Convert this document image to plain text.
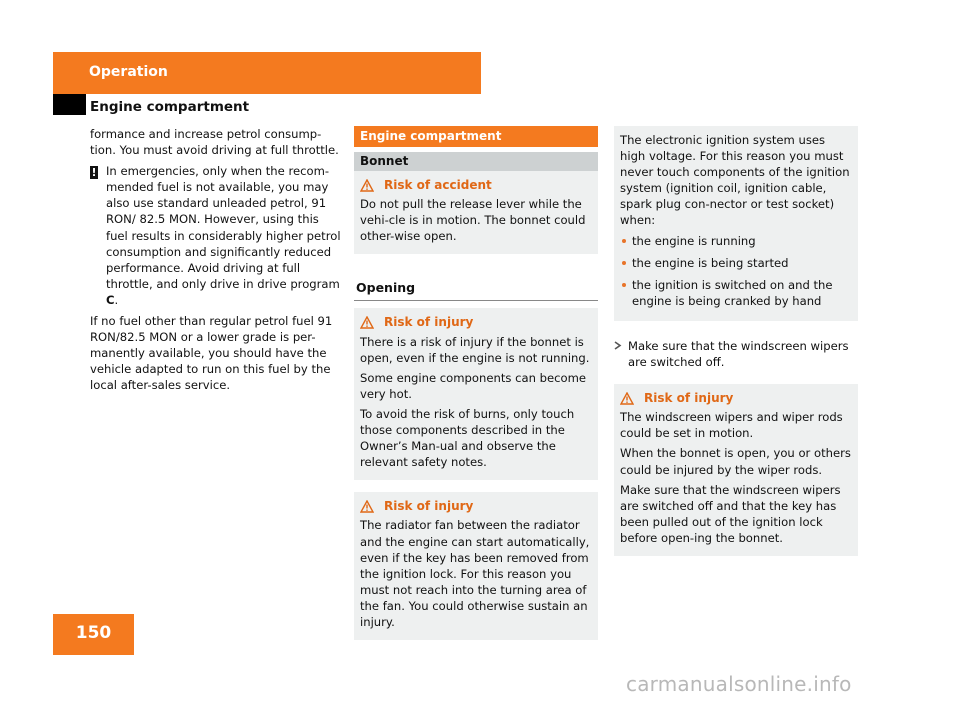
Operation
Engine compartment

formance and increase petrol consump-tion. You must avoid driving at full throttle.

! In emergencies, only when the recom-mended fuel is not available, you may also use standard unleaded petrol, 91 RON/ 82.5 MON. However, using this fuel results in considerably higher petrol consumption and significantly reduced performance. Avoid driving at full throttle, and only drive in drive program C.

If no fuel other than regular petrol fuel 91 RON/82.5 MON or a lower grade is per-manently available, you should have the vehicle adapted to run on this fuel by the local after-sales service.

Engine compartment
Bonnet
Risk of accident

Do not pull the release lever while the vehi-cle is in motion. The bonnet could other-wise open.

Opening
Risk of injury

There is a risk of injury if the bonnet is open, even if the engine is not running.

Some engine components can become very hot.

To avoid the risk of burns, only touch those components described in the Owner’s Man-ual and observe the relevant safety notes.

Risk of injury

The radiator fan between the radiator and the engine can start automatically, even if the key has been removed from the ignition lock. For this reason you must not reach into the turning area of the fan. You could otherwise sustain an injury.

The electronic ignition system uses high voltage. For this reason you must never touch components of the ignition system (ignition coil, ignition cable, spark plug con-nector or test socket) when:

the engine is running
the engine is being started
the ignition is switched on and the engine is being cranked by hand
Make sure that the windscreen wipers are switched off.
Risk of injury

The windscreen wipers and wiper rods could be set in motion.

When the bonnet is open, you or others could be injured by the wiper rods.

Make sure that the windscreen wipers are switched off and that the key has been pulled out of the ignition lock before open-ing the bonnet.

150
carmanualsonline.info
